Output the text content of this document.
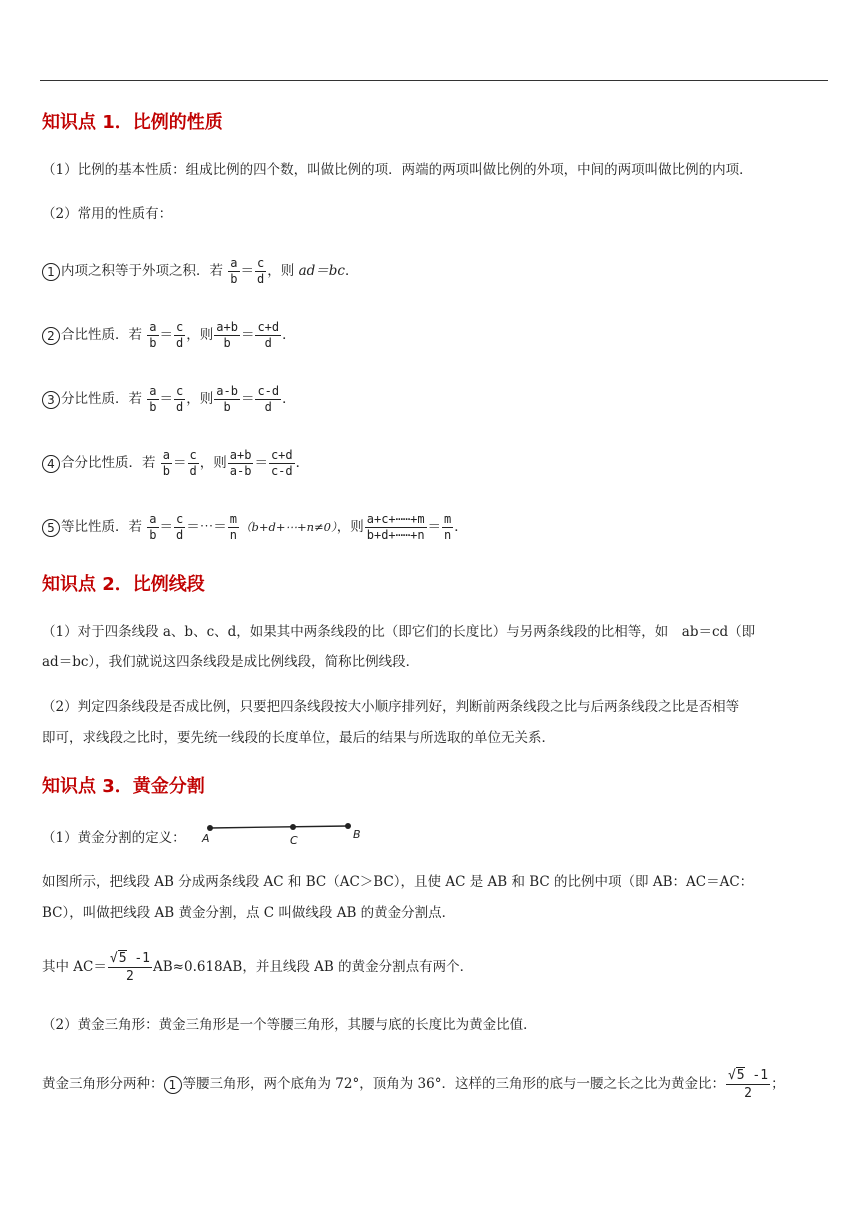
知识点 1．比例的性质
（1）比例的基本性质：组成比例的四个数，叫做比例的项．两端的两项叫做比例的外项，中间的两项叫做比例的内项．
（2）常用的性质有：
1 内项之积等于外项之积．若 $\frac{a}{b} = \frac{c}{d}$ ，则 ad＝bc．
2 合比性质．若 $\frac{a}{b} = \frac{c}{d}$ ，则 $\frac{a+b}{b} = \frac{c+d}{d}$ ．
3 分比性质．若 $\frac{a}{b} = \frac{c}{d}$ ，则 $\frac{a-b}{b} = \frac{c-d}{d}$ ．
4 合分比性质．若 $\frac{a}{b} = \frac{c}{d}$ ，则 $\frac{a+b}{a-b} = \frac{c+d}{c-d}$ ．
5 等比性质．若 $\frac{a}{b} = \frac{c}{d}$ ＝⋯＝ $\frac{m}{n}$ （b+d+⋯+n≠0），则 $\frac{a+c+\cdots\cdots+m}{b+d+\cdots\cdots+n} = \frac{m}{n}$ ．
知识点 2．比例线段
（1）对于四条线段 a、b、c、d，如果其中两条线段的比（即它们的长度比）与另两条线段的比相等，如　ab＝cd（即
ad＝bc），我们就说这四条线段是成比例线段，简称比例线段．
（2）判定四条线段是否成比例，只要把四条线段按大小顺序排列好，判断前两条线段之比与后两条线段之比是否相等
即可，求线段之比时，要先统一线段的长度单位，最后的结果与所选取的单位无关系．
知识点 3．黄金分割
（1）黄金分割的定义： A	C	B
如图所示，把线段 AB 分成两条线段 AC 和 BC（AC＞BC），且使 AC 是 AB 和 BC 的比例中项（即 AB：AC＝AC：
BC），叫做把线段 AB 黄金分割，点 C 叫做线段 AB 的黄金分割点．
其中 $AC= \frac{√5 -1}{2} AB\approx 0.618AB$，并且线段 AB 的黄金分割点有两个．
（2）黄金三角形：黄金三角形是一个等腰三角形，其腰与底的长度比为黄金比值．
黄金三角形分两种： 1 等腰三角形，两个底角为 72°，顶角为 36°．这样的三角形的底与一腰之长之比为黄金比： $\frac{√5 -1}{2}$ ；
